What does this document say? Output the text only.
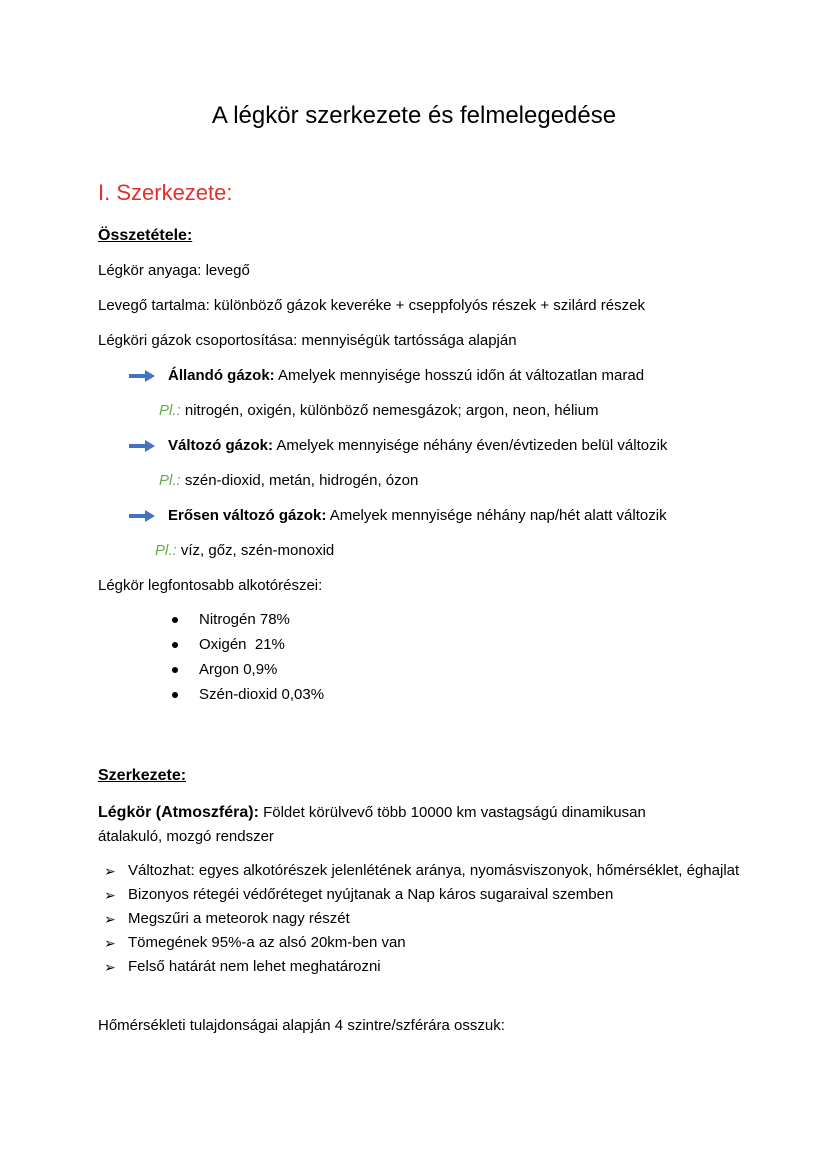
A légkör szerkezete és felmelegedése
I. Szerkezete:
Összetétele:
Légkör anyaga: levegő
Levegő tartalma: különböző gázok keveréke + cseppfolyós részek + szilárd részek
Légköri gázok csoportosítása: mennyiségük tartóssága alapján
Állandó gázok: Amelyek mennyisége hosszú időn át változatlan marad
Pl.: nitrogén, oxigén, különböző nemesgázok; argon, neon, hélium
Változó gázok: Amelyek mennyisége néhány éven/évtizeden belül változik
Pl.: szén-dioxid, metán, hidrogén, ózon
Erősen változó gázok: Amelyek mennyisége néhány nap/hét alatt változik
Pl.: víz, gőz, szén-monoxid
Légkör legfontosabb alkotórészei:
Nitrogén 78%
Oxigén  21%
Argon 0,9%
Szén-dioxid 0,03%
Szerkezete:
Légkör (Atmoszféra): Földet körülvevő több 10000 km vastagságú dinamikusan
átalakuló, mozgó rendszer
➢ Változhat: egyes alkotórészek jelenlétének aránya, nyomásviszonyok, hőmérséklet, éghajlat
➢ Bizonyos rétegéi védőréteget nyújtanak a Nap káros sugaraival szemben
➢ Megszűri a meteorok nagy részét
➢ Tömegének 95%-a az alsó 20km-ben van
➢ Felső határát nem lehet meghatározni
Hőmérsékleti tulajdonságai alapján 4 szintre/szférára osszuk:
